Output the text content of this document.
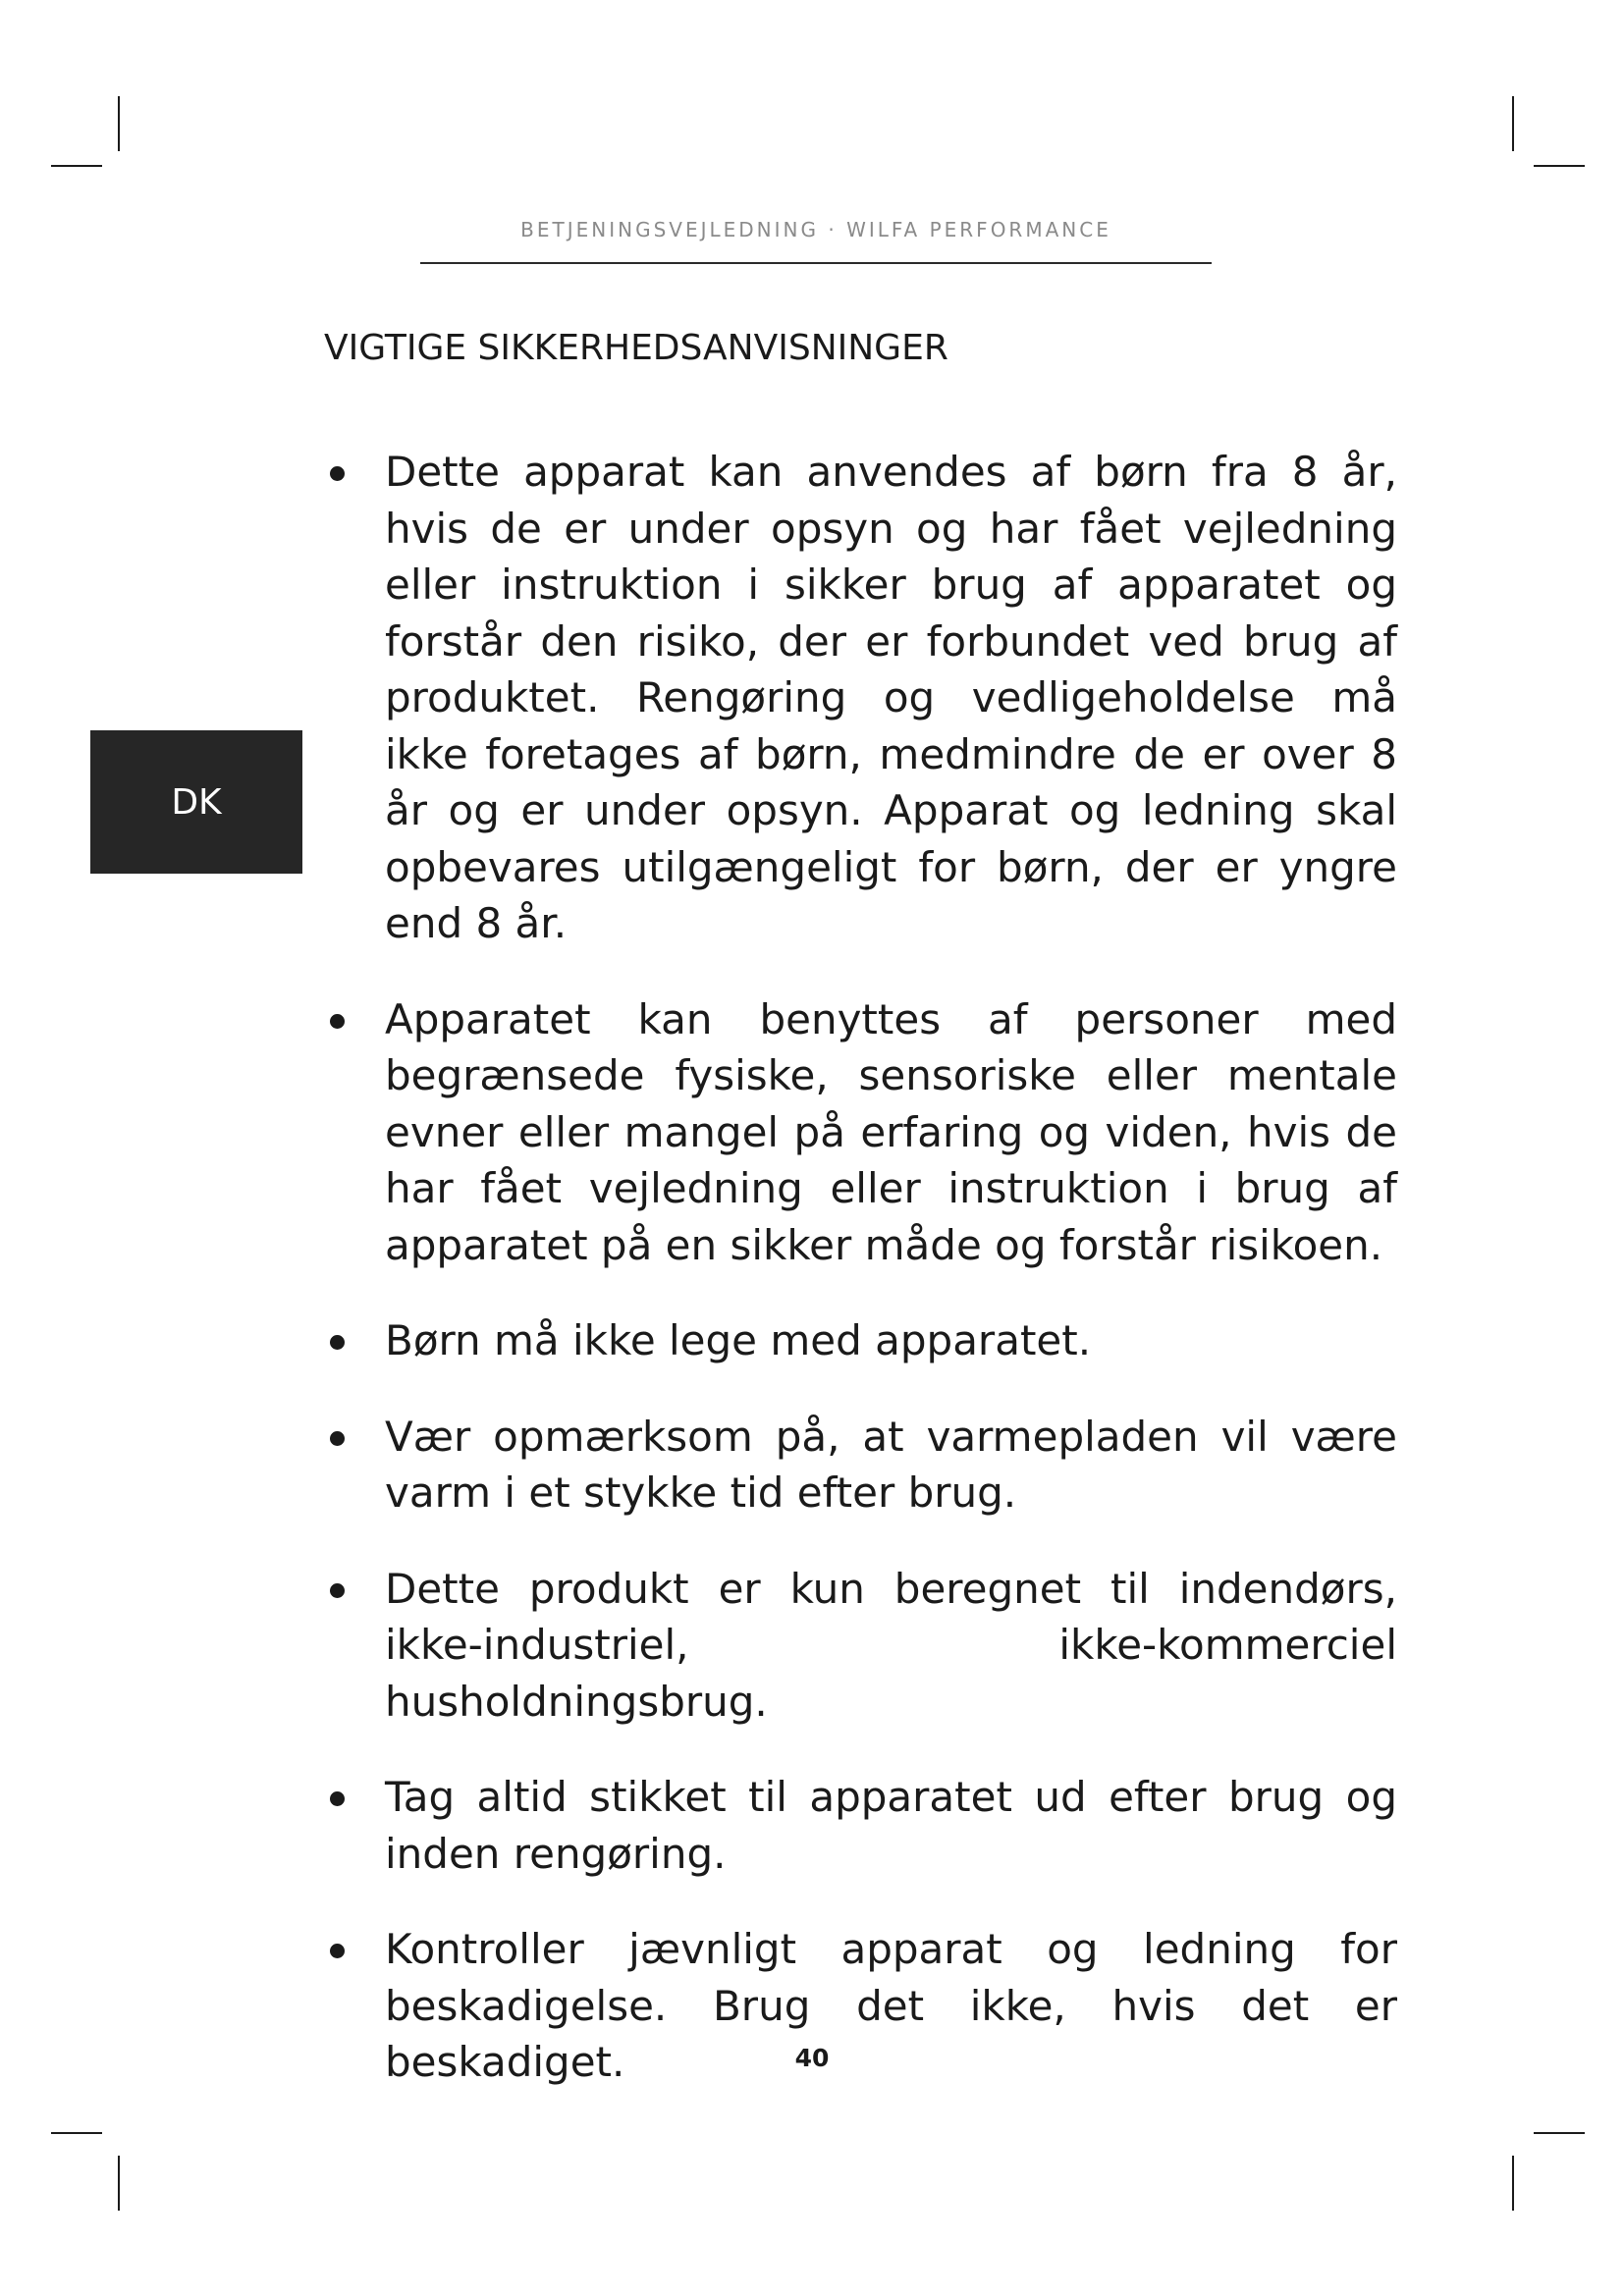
BETJENINGSVEJLEDNING · WILFA PERFORMANCE
VIGTIGE SIKKERHEDSANVISNINGER
DK
Dette apparat kan anvendes af børn fra 8 år, hvis de er under opsyn og har fået vejledning eller instruktion i sikker brug af apparatet og forstår den risiko, der er forbundet ved brug af produktet. Rengøring og vedligeholdelse må ikke foretages af børn, medmindre de er over 8 år og er under opsyn. Apparat og ledning skal opbevares utilgængeligt for børn, der er yngre end 8 år.
Apparatet kan benyttes af personer med begrænsede fysiske, sensoriske eller mentale evner eller mangel på erfaring og viden, hvis de har fået vejledning eller instruktion i brug af apparatet på en sikker måde og forstår risikoen.
Børn må ikke lege med apparatet.
Vær opmærksom på, at varmepladen vil være varm i et stykke tid efter brug.
Dette produkt er kun beregnet til indendørs, ikke-industriel, ikke-kommerciel husholdningsbrug.
Tag altid stikket til apparatet ud efter brug og inden rengøring.
Kontroller jævnligt apparat og ledning for beskadigelse. Brug det ikke, hvis det er beskadiget.	40
